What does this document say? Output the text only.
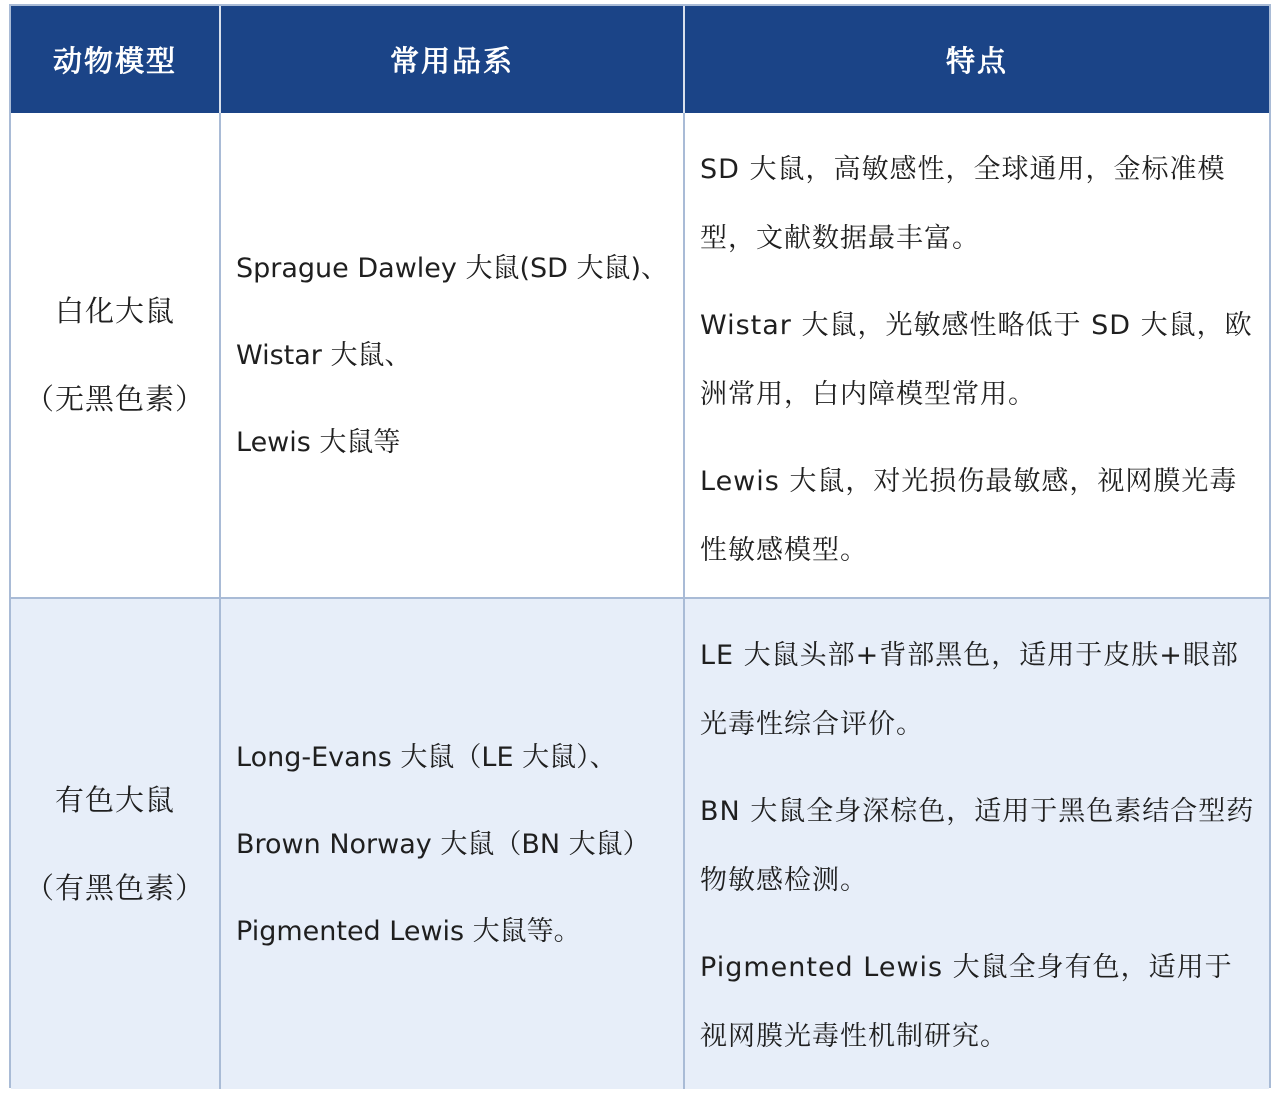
动物模型	常用品系	特点
白化大鼠
（无黑色素）
Sprague Dawley 大鼠(SD 大鼠)、
Wistar 大鼠、
Lewis 大鼠等

SD 大鼠，高敏感性，全球通用，金标准模型，文献数据最丰富。

Wistar 大鼠，光敏感性略低于 SD 大鼠，欧洲常用，白内障模型常用。

Lewis 大鼠，对光损伤最敏感，视网膜光毒性敏感模型。

有色大鼠
（有黑色素）
Long-Evans 大鼠（LE 大鼠）、
Brown Norway 大鼠（BN 大鼠）
Pigmented Lewis 大鼠等。

LE 大鼠头部+背部黑色，适用于皮肤+眼部光毒性综合评价。

BN 大鼠全身深棕色，适用于黑色素结合型药物敏感检测。

Pigmented Lewis 大鼠全身有色，适用于视网膜光毒性机制研究。
